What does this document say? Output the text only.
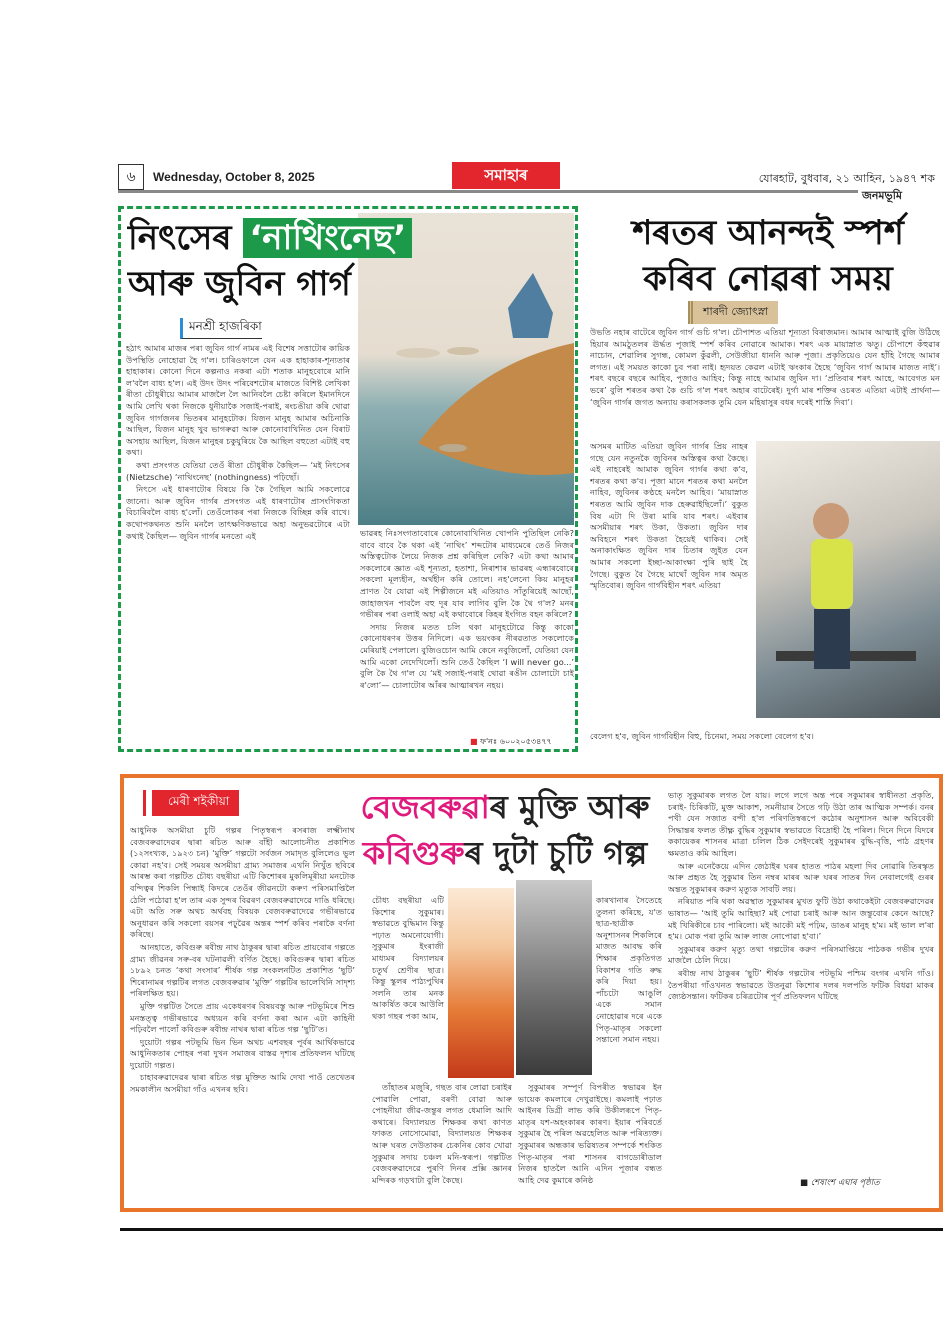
৬	Wednesday, October 8, 2025	সমাহাৰ	যোৰহাট, বুধবাৰ, ২১ আহিন, ১৯৪৭ শক
জনমভূমি
নিৎসেৰ ‘নাথিংনেছ’
আৰু জুবিন গাৰ্গ
মনশ্ৰী হাজৰিকা

হঠাৎ আমাৰ মাজৰ পৰা জুবিন গাৰ্গ নামৰ এই বিশেষ সত্তাটোৰ কায়িক উপস্থিতি নোহোৱা হৈ গ'ল। চাৰিওফালে যেন এক হাহাকাৰ-শূন্যতাৰ হাহাকাৰ। কোনো দিনে কল্পনাও নকৰা এটা শতাক মানুহবোৰে মানি ল'বলৈ বাধ্য হ'ল। এই উদং উদং পৰিবেশটোৰ মাজতে বিশিষ্ট লেখিকা ৰীতা চৌধুৰীয়ে আমাৰ মাজলৈ লৈ আনিবলৈ চেষ্টা কৰিলে ইমানদিনে আমি লেখি থকা নিজকে ধুনীয়াকৈ সজাই-পৰাই, ৰংচঙীয়া কৰি থোৱা জুবিন গাৰ্গজনৰ ভিতৰৰ মানুহটোক। যিজন মানুহ আমাৰ অচিনাকি আছিল, যিজন মানুহ খুব ভাগৰুৱা আৰু কোনোবাখিনিত যেন বিৰাট অসহায় আছিল, যিজন মানুহৰ চকুযুৰিয়ে কৈ আছিল বহুতো এটাই বহু কথা।

কথা প্ৰসংগত যেতিয়া তেওঁ ৰীতা চৌধুৰীক কৈছিল— ‘মই নিৎসেৰ (Nietzsche) ‘নাথিংনেছ’ (nothingness) পঢ়িছোঁ।

নিৎসে এই ধাৰণাটোৰ বিষয়ে কি কৈ গৈছিল আমি সকলোৱে জানো। আৰু জুবিন গাৰ্গৰ প্ৰসংগত এই ধাৰণাটোৰ প্ৰাসংগিকতা বিচাৰিবলৈ বাধ্য হ'লোঁ। তেওঁলোকৰ পৰা নিজকে বিচ্ছিন্ন কৰি বাখে। কথোপকথনত শুনি মনলৈ তাৎক্ষণিকভাৱে অহা অনুভৱটোৰে এটা কথাই কৈছিল— জুবিন গাৰ্গৰ মনতো এই	ভাৱৰহ নিঃসংগতাবোৰে কোনোবাখিনিত খোপনি পুতিছিল নেকি? বাবে বাবে কৈ থকা এই ‘নাথিং’ শব্দটোৰ মাধ্যমেৰে তেওঁ নিজৰ অস্তিত্বটোক লৈয়ে নিজক প্ৰশ্ন কৰিছিল নেকি? এটা কথা আমাৰ সকলোৰে জ্ঞাত এই শূন্যতা, হতাশা, নিৰাশাৰ ভাৱৰহ এন্ধাৰবোৰে সকলো মূল্যহীন, অৰ্থহীন কৰি তোলে। নহ'লেনো কিয় মানুহৰ প্ৰাণত বৈ যোৱা এই শিল্পীজনে মই এতিয়াও সাঁতুৰিয়েই আছোঁ, জাহাজখন পাবলৈ বহু দূৰ যাব লাগিব বুলি কৈ থৈ গ'ল? মনৰ গভীৰৰ পৰা ওলাই অহা এই কথাবোৰে কিহৰ ইংগিত বহন কৰিলে?

সদায় নিজৰ মতত চলি থকা মানুহটোৱে কিন্তু কাকো কোনোধৰণৰ উত্তৰ নিদিলে। এক ভয়ংকৰ নীৰৱতাত সকলোকে মেৰিয়াই পেলালে। বুজিওচোন আমি কেনে নবুজিলোঁ, যেতিয়া যেন আমি একো নেদেখিলোঁ। শুনি তেওঁ কৈছিল ‘I will never go...’ বুলি কৈ থৈ গ'ল যে ‘মই সজাই-পৰাই থোৱা ৰঙীন চোলাটো চাই ৰ'লো’— চোলাটোৰ আঁৰৰ আত্মাৰখন নহয়।

■ ফ'নঃ ৬০০২০৫৩৪৭৭
শৰতৰ আনন্দই স্পৰ্শ কৰিব নোৱৰা সময়
শাৰদী জ্যোৎস্না

উভতি নহাৰ বাটেৰে জুবিন গাৰ্গ গুচি গ'ল। চৌপাশত এতিয়া শূন্যতা বিৰাজমান। আমাৰ আত্মাই বুজি উঠিছে হিয়াৰ আমঠুতলৰ ঊৰ্দ্ধত পূজাই স্পৰ্শ কৰিব নোৱাৰে আমাক। শৰৎ এক মায়াস্নাত ঋতু। চৌপাশে কঁহুৱাৰ নাচোন, শেৱালিৰ সুগন্ধ, কোমল কুঁৱলী, সেউজীয়া ধাননি আৰু পূজা। প্ৰকৃতিয়েও যেন হাঁহি গৈছে আমাৰ লগত। এই সময়ত কাকো চুব পৰা নাই। হৃদয়ত কেৱল এটাই ঋংকাৰ হৈছে ‘জুবিন গাৰ্গ আমাৰ মাজত নাই’। শৰৎ বছৰে বছৰে আহিব, পূজাও আহিব; কিন্তু নাহে আমাৰ জুবিন দা। ‘প্ৰতিবাৰ শৰৎ আহে, আবেগত মন ভৰে’ বুলি শৰতৰ কথা কৈ গুচি গ'ল শৰৎ অহাৰ বাটেৰেই। দুৰ্গা মাৰ শক্তিৰ ওচৰত এতিয়া এটাই প্ৰাৰ্থনা— ‘জুবিন গাৰ্গৰ জগত অন্যায় কৰাসকলক তুমি যেন মহিষাসুৰ বধৰ দৰেই শাস্তি দিবা’।

অসমৰ মাটিত এতিয়া জুবিন গাৰ্গৰ প্ৰিয় নাহৰ গছে যেন নতুনকৈ জুবিনৰ অস্তিত্বৰ কথা কৈছে। এই নাহৰেই আমাক জুবিন গাৰ্গৰ কথা ক'ব, শৰতৰ কথা ক'ব। পূজা মানে শৰতৰ কথা মনলৈ নাহিব, জুবিনৰ কণ্ঠহে মনলৈ আহিব। ‘মায়াস্নাত শৰতত আমি জুবিন দাক হেৰুৱাইছিলোঁ।’ বুকুত বিষ এটা দি উৰা মাৰি যাব শৰৎ। এইবাৰ অসমীয়াৰ শৰৎ উকা, উকতা। জুবিন দাৰ অবিহনে শৰৎ উকতা হৈয়েই থাকিব। সেই অনাকাংক্ষিত জুবিন দাৰ চিতাৰ জুইত যেন আমাৰ সকলো ইচ্ছা-আকাংক্ষা পুৰি ছাই হৈ গৈছে। বুকুত বৈ গৈছে মাথোঁ জুবিন দাৰ অমৃত স্মৃতিবোৰ। জুবিন গাৰ্গবিহীন শৰৎ এতিয়া

বেলেগ হ'ব, জুবিন গাৰ্গবিহীন বিহু, চিনেমা, সময় সকলো বেলেগ হ'ব।

মেৰী শইকীয়া	বেজবৰুৱাৰ মুক্তি আৰু
কবিগুৰুৰ দুটা চুটি গল্প

আধুনিক অসমীয়া চুটি গল্পৰ পিতৃস্বৰূপ ৰসৰাজ লক্ষ্মীনাথ বেজবৰুৱাদেৱৰ দ্বাৰা ৰচিত আৰু বাঁহী আলোচনীত প্ৰকাশিত (১২সংখ্যক, ১৯২৩ চন) ‘মুক্তি’ গল্পটো সৰ্বজন সমাদৃত বুলিলেও ভুল কোৱা নহ'ব। সেই সময়ৰ অসমীয়া গ্ৰাম্য সমাজৰ এখনি নিখুঁত ছবিৰে আৰম্ভ কৰা গল্পটিত চৌধ্য বছৰীয়া এটি কিশোৰৰ মুকলিমূৰীয়া মনটোক বন্দিত্বৰ শিকলি পিন্ধাই কিদৰে তেওঁৰ জীৱনটো কৰুণ পৰিসমাপ্তিলৈ ঠেলি পঠোৱা হ'ল তাৰ এক সুন্দৰ বিৱৰণ বেজবৰুৱাদেৱে দাঙি ধৰিছে। এটা অতি সৰু অথচ অৰ্থবহ বিষয়ক বেজবৰুৱাদেৱে গভীৰভাৱে অনুধাৱন কৰি সকলো বয়সৰ পঢ়ুৱৈৰ অন্তৰ স্পৰ্শ কৰিব পৰাকৈ বৰ্ণনা কৰিছে।

আনহাতে, কবিগুৰু ৰবীন্দ্ৰ নাথ ঠাকুৰৰ দ্বাৰা ৰচিত প্ৰায়বোৰ গল্পতে গ্ৰাম্য জীৱনৰ সৰু-বৰ ঘটনাৱলী বৰ্ণিত হৈছে। কবিগুৰুৰ দ্বাৰা ৰচিত ১৮৯২ চনত ‘কথা সংসাৰ’ শীৰ্ষক গল্প সংকলনটিত প্ৰকাশিত ‘ছুটি’ শিৰোনামৰ গল্পটিৰ লগত বেজবৰুৱাৰ ‘মুক্তি’ গল্পটিৰ ভালেখিনি সাদৃশ্য পৰিলক্ষিত হয়।

মুক্তি গল্পটিত সৈতে প্ৰায় একেধৰণৰ বিষয়বস্তু আৰু পটভূমিৰে শিশু মনস্তত্ত্ব গভীৰভাৱে অধ্যয়ন কৰি বৰ্ণনা কৰা আন এটা কাহিনী পঢ়িবলৈ পালোঁ কবিগুৰু ৰবীন্দ্ৰ নাথৰ দ্বাৰা ৰচিত গল্প ‘ছুটি’ত।

দুয়োটা গল্পৰ পটভূমি ভিন ভিন অথচ এশবছৰ পূৰ্বৰ আৰ্থিকভাৱে আধুনিকতাৰ পোহৰ পৰা দুখন সমাজৰ বাস্তৱ দৃশ্যৰ প্ৰতিফলন ঘটিছে দুয়োটা গল্পত।

চাহাবৰুৱাদেৱৰ দ্বাৰা ৰচিত গল্প মুক্তিত আমি দেখা পাওঁ তেখেতৰ সমকালীন অসমীয়া গাঁও এখনৰ ছবি।

চৌধ্য বছৰীয়া এটি কিশোৰ সুকুমাৰ। স্বভাৱতে বুদ্ধিমান কিন্তু পঢ়াত অমনোযোগী। সুকুমাৰ ইংৰাজী মাধ্যমৰ বিদ্যালয়ৰ চতুৰ্থ শ্ৰেণীৰ ছাত্ৰ। কিন্তু স্কুলৰ পাঠ্যপুথিৰ সলনি তাৰ মনক আকৰ্ষিত কৰে আউলি থকা গছৰ পকা আম,

কাৰখানাৰ সৈতেহে তুলনা কৰিছে, য'ত ছাত্ৰ-ছাত্ৰীক অনুশাসনৰ শিকলিৰে মাজত আবদ্ধ কৰি শিক্ষাৰ প্ৰকৃতিগত বিকাশৰ গতি ৰুদ্ধ কৰি দিয়া হয়। পাঁচটো আঙুলি একে সমান নোহোৱাৰ দৰে একে পিতৃ-মাতৃৰ সকলো সন্তানো সমান নহয়।

তাঁহাতৰ মজুৰি, গছত বাৰ লোৱা চৰাইৰ পোৱালি পোৱা, বৰণী বোৱা আৰু পোহনীয়া জীৱ-জন্তুৰ লগত ধেমালি আদি কথাৰে। বিদ্যালয়ত শিক্ষকৰ কথা কাণত ফাকত নোসোমোৱা, বিদ্যালয়ত শিক্ষকৰ আৰু ঘৰত দেউতাকৰ চেকনিৰ কোব খোৱা সুকুমাৰ সদায় চঞ্চল মনি-স্বৰূপ। গল্পটিত বেজবৰুৱাদেৱে পুৰণি দিনৰ প্ৰক্সি জ্ঞানৰ মন্দিৰক গড়খাটা বুলি কৈছে।

সুকুমাৰৰ সম্পূৰ্ণ বিপৰীত স্বভাৱৰ ইন ভায়েক কমলাৰে দেখুৱাইছে। কমলাই পঢ়াত আইনৰ ডিগ্ৰী লাভ কৰি উকীলৰূপে পিতৃ-মাতৃৰ যশ-অহংকাৰৰ কাৰণ। ইয়াৰ পৰিবৰ্তে সুকুমাৰ হৈ পৰিল অৱহেলিত আৰু পৰিত্যক্ত। সুকুমাৰৰ অন্ধকাৰ ভৱিষ্যতৰ সম্পৰ্কে শংকিত পিতৃ-মাতৃৰ পৰা শাসনৰ বাগডোৰীডাল নিজৰ হাতলৈ আনি এদিন পূজাৰ বন্ধত আহি দেৱ কুমাৰে কনিষ্ঠ

ভাতৃ সুকুমাৰক লগত লৈ যায়। লগে লগে অন্ত পৰে সকুমাৰৰ স্বাধীনতা প্ৰকৃতি, চৰাই- চিৰিকটি, মুক্ত আকাশ, সমনীয়াৰ সৈতে গঢ়ি উঠা তাৰ আত্মিক সম্পৰ্ক। বনৰ পখী যেন সজাত বন্দী হ'ল পৰিণতিস্বৰূপে কঠোৰ অনুশাসন আৰু অবিবেকী সিদ্ধান্তৰ ফলত তীক্ষ্ণ বুদ্ধিৰ সুকুমাৰ স্বভাৱতে বিদ্ৰোহী হৈ পৰিল। দিনে দিনে যিদৰে ককায়েকৰ শাসনৰ মাত্ৰা চলিল ঠিক সেইদৰেই সুকুমাৰৰ বুদ্ধি-বৃত্তি, পাঠ গ্ৰহণৰ ক্ষমতাও কমি আহিল।

আৰু এনেকৈয়ে এদিন জেঠাইৰ ঘৰৰ হাতত পাঠৰ মহলা দিব নোৱাৰি তিৰস্কৃত আৰু প্ৰহৃত হৈ সুকুমাৰ তিন নম্বৰ মাৰৰ আৰু ঘৰৰ সাতৰ দিন নেবালগেই গুৰৰ অন্তত সুকুমাৰৰ করুণ মৃত্যুক সাবটি লয়।

নৰিয়াত পৰি থকা অৱস্থাত সুকুমাৰৰ মুখত ফুটি উঠা কথাকেইটা বেজবৰুৱাদেৱৰ ভাষাত— ‘আই তুমি আহিছা? মই পোৱা চৰাই আৰু আন জন্তুবোৰ কেনে আছে? মই খিৰিকীৰে চাব পাৰিলো। মই আকৌ মই পঢ়িম, ডাঙৰ মানুহ হ'ম। মই ভাল ল'ৰা হ'ম। মোক পৰা তুমি আৰু লাজ নোপোৱা হ'বা।’

সুকুমাৰৰ করুণ মৃত্যু তথা গল্পটোৰ করুণ পৰিসমাপ্তিয়ে পাঠকক গভীৰ দুখৰ মাজলৈ ঠেলি দিয়ে।

ৰবীন্দ্ৰ নাথ ঠাকুৰৰ ‘ছুটি’ শীৰ্ষক গল্পটোৰ পটভূমি পশ্চিম বংগৰ এখনি গাঁও। তৈপৰীয়া গাঁওখনত স্বভাৱতে উতনুৱা কিশোৰ দলৰ দলপতি ফটিক বিধৱা মাকৰ জ্যেষ্ঠসন্তান। ফটিকৰ চৰিত্ৰটোৰ পূৰ্ণ প্ৰতিফলন ঘটিছে

■ শেষাংশ এঘাৰ পৃষ্ঠাত
